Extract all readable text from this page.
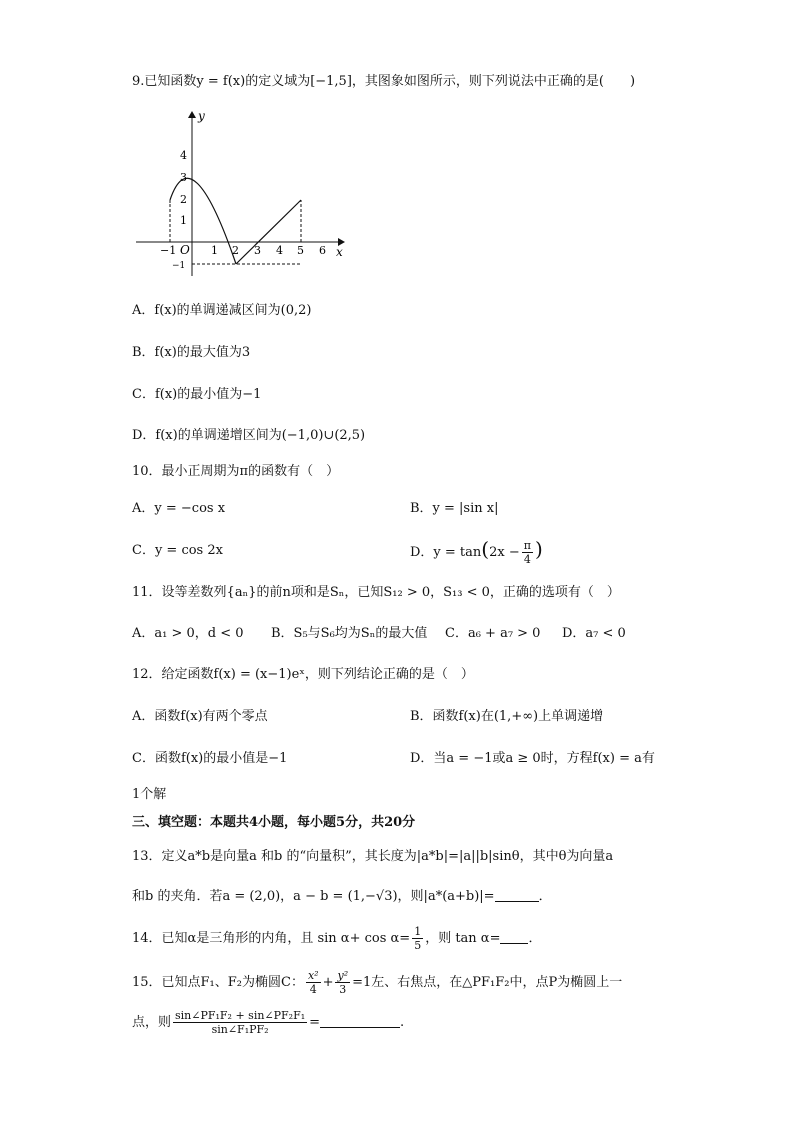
9.已知函数y = f(x)的定义域为[−1,5]，其图象如图所示，则下列说法中正确的是(　　)
y
x
O
−1	1 2 3 4 5 6
4
3
2
1
−1
A．f(x)的单调递减区间为(0,2)
B．f(x)的最大值为3
C．f(x)的最小值为−1
D．f(x)的单调递增区间为(−1,0)∪(2,5)
10．最小正周期为π的函数有（　）
A．y = −cos x	B．y = |sin x|
C．y = cos 2x	D．$y = \tan(2x - \frac{\pi}{4}$ )
11．设等差数列{aₙ}的前n项和是Sₙ，已知S₁₂ > 0，S₁₃ < 0，正确的选项有（　）
A．a₁ > 0，d < 0 B．S₅与S₆均为Sₙ的最大值 C．a₆ + a₇ > 0 D．a₇ < 0
12．给定函数f(x) = (x−1)eˣ，则下列结论正确的是（　）
A．函数f(x)有两个零点	B．函数f(x)在(1,+∞)上单调递增
C．函数f(x)的最小值是−1	D．当a = −1或a ≥ 0时，方程f(x) = a有
1个解
三、填空题：本题共4小题，每小题5分，共20分
13．定义a*b是向量a 和b 的“向量积”，其长度为|a*b|=|a||b|sinθ，其中θ为向量a
和b 的夹角．若a = (2,0)，a − b = (1,−√3)，则|a*(a+b)|=	．
14．已知α是三角形的内角，且 $\sin \alpha+ \cos \alpha= \frac{1}{5}$ ，则 tan α= ．
15．已知点F₁、F₂为椭圆C： $\frac{\text{x²}}{4} + \frac{\text{y²}}{3} =1$左、右焦点，在△PF₁F₂中，点P为椭圆上一
点，则 $\frac{\text{sin∠PF₁F₂ + sin∠PF₂F₁}}{\text{sin∠F₁PF₂}}$ =	.
